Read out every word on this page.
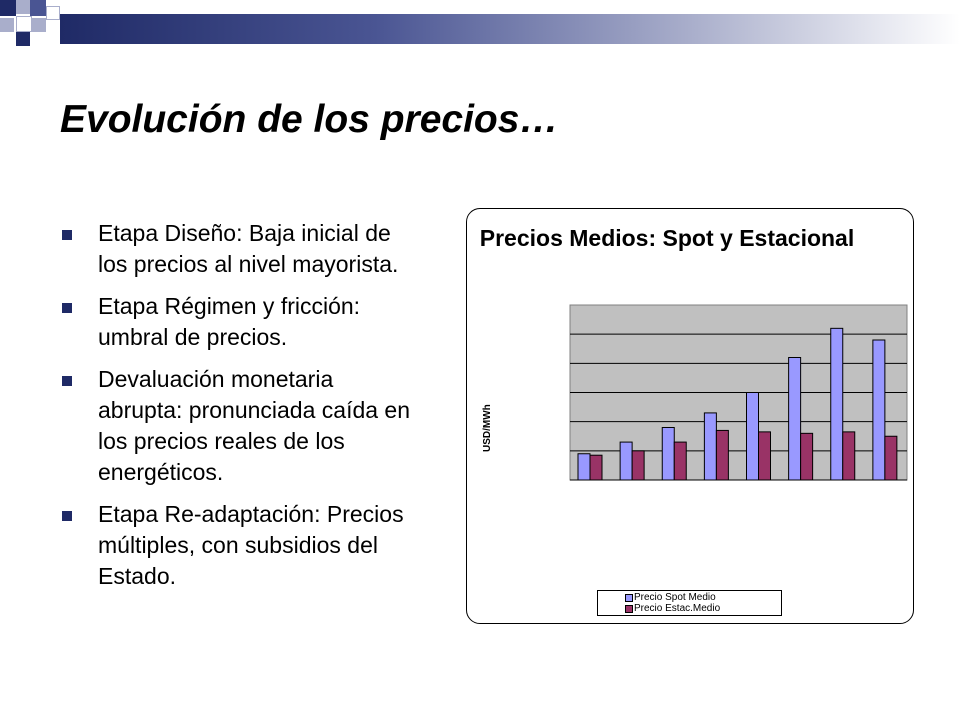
Evolución de los precios…
Etapa Diseño: Baja inicial de los precios al nivel mayorista.
Etapa Régimen y fricción: umbral de precios.
Devaluación monetaria abrupta: pronunciada caída en los precios reales de los energéticos.
Etapa Re-adaptación: Precios múltiples, con subsidios del Estado.
Precios Medios: Spot y Estacional
USD/MWh
Precio Spot Medio
Precio Estac.Medio
